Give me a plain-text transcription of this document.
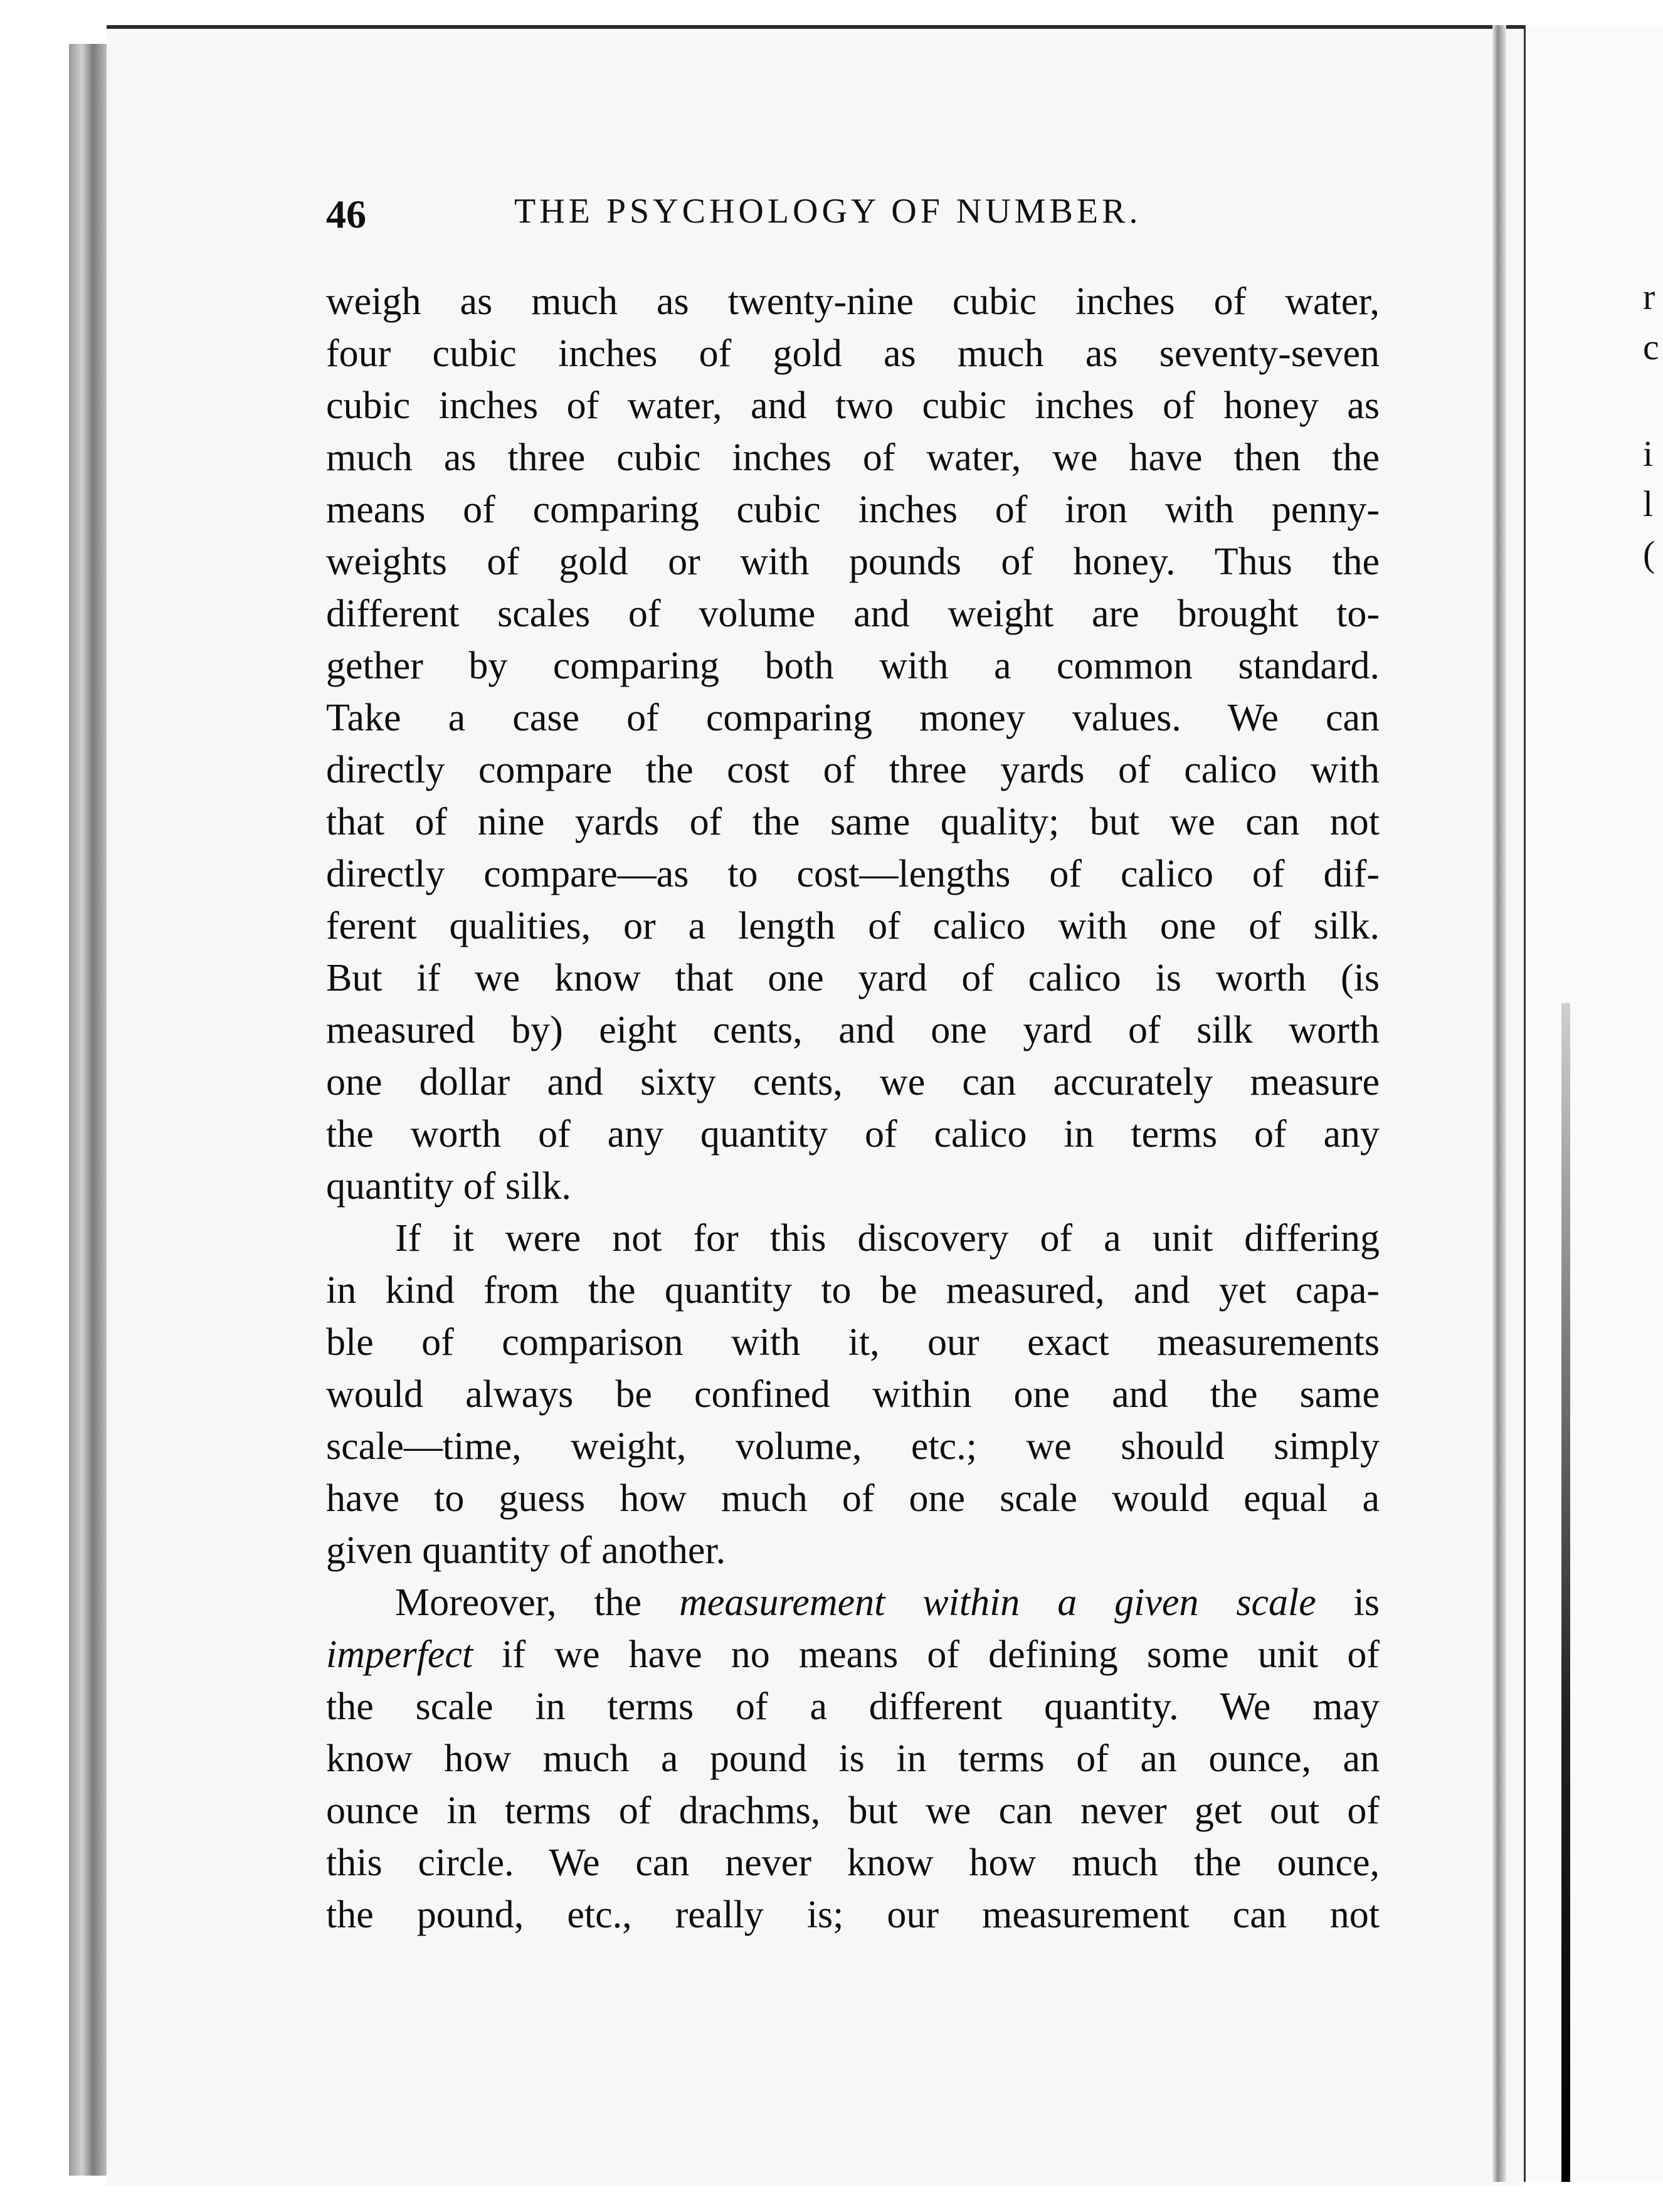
r
c
i
l
(
46	THE PSYCHOLOGY OF NUMBER.

weigh as much as twenty-nine cubic inches of water,
four cubic inches of gold as much as seventy-seven
cubic inches of water, and two cubic inches of honey as
much as three cubic inches of water, we have then the
means of comparing cubic inches of iron with penny-
weights of gold or with pounds of honey. Thus the
different scales of volume and weight are brought to-
gether by comparing both with a common standard.
Take a case of comparing money values. We can
directly compare the cost of three yards of calico with
that of nine yards of the same quality; but we can not
directly compare—as to cost—lengths of calico of dif-
ferent qualities, or a length of calico with one of silk.
But if we know that one yard of calico is worth (is
measured by) eight cents, and one yard of silk worth
one dollar and sixty cents, we can accurately measure
the worth of any quantity of calico in terms of any
quantity of silk.

If it were not for this discovery of a unit differing
in kind from the quantity to be measured, and yet capa-
ble of comparison with it, our exact measurements
would always be confined within one and the same
scale—time, weight, volume, etc.; we should simply
have to guess how much of one scale would equal a
given quantity of another.

Moreover, the measurement within a given scale is
imperfect if we have no means of defining some unit of
the scale in terms of a different quantity. We may
know how much a pound is in terms of an ounce, an
ounce in terms of drachms, but we can never get out of
this circle. We can never know how much the ounce,
the pound, etc., really is; our measurement can not
